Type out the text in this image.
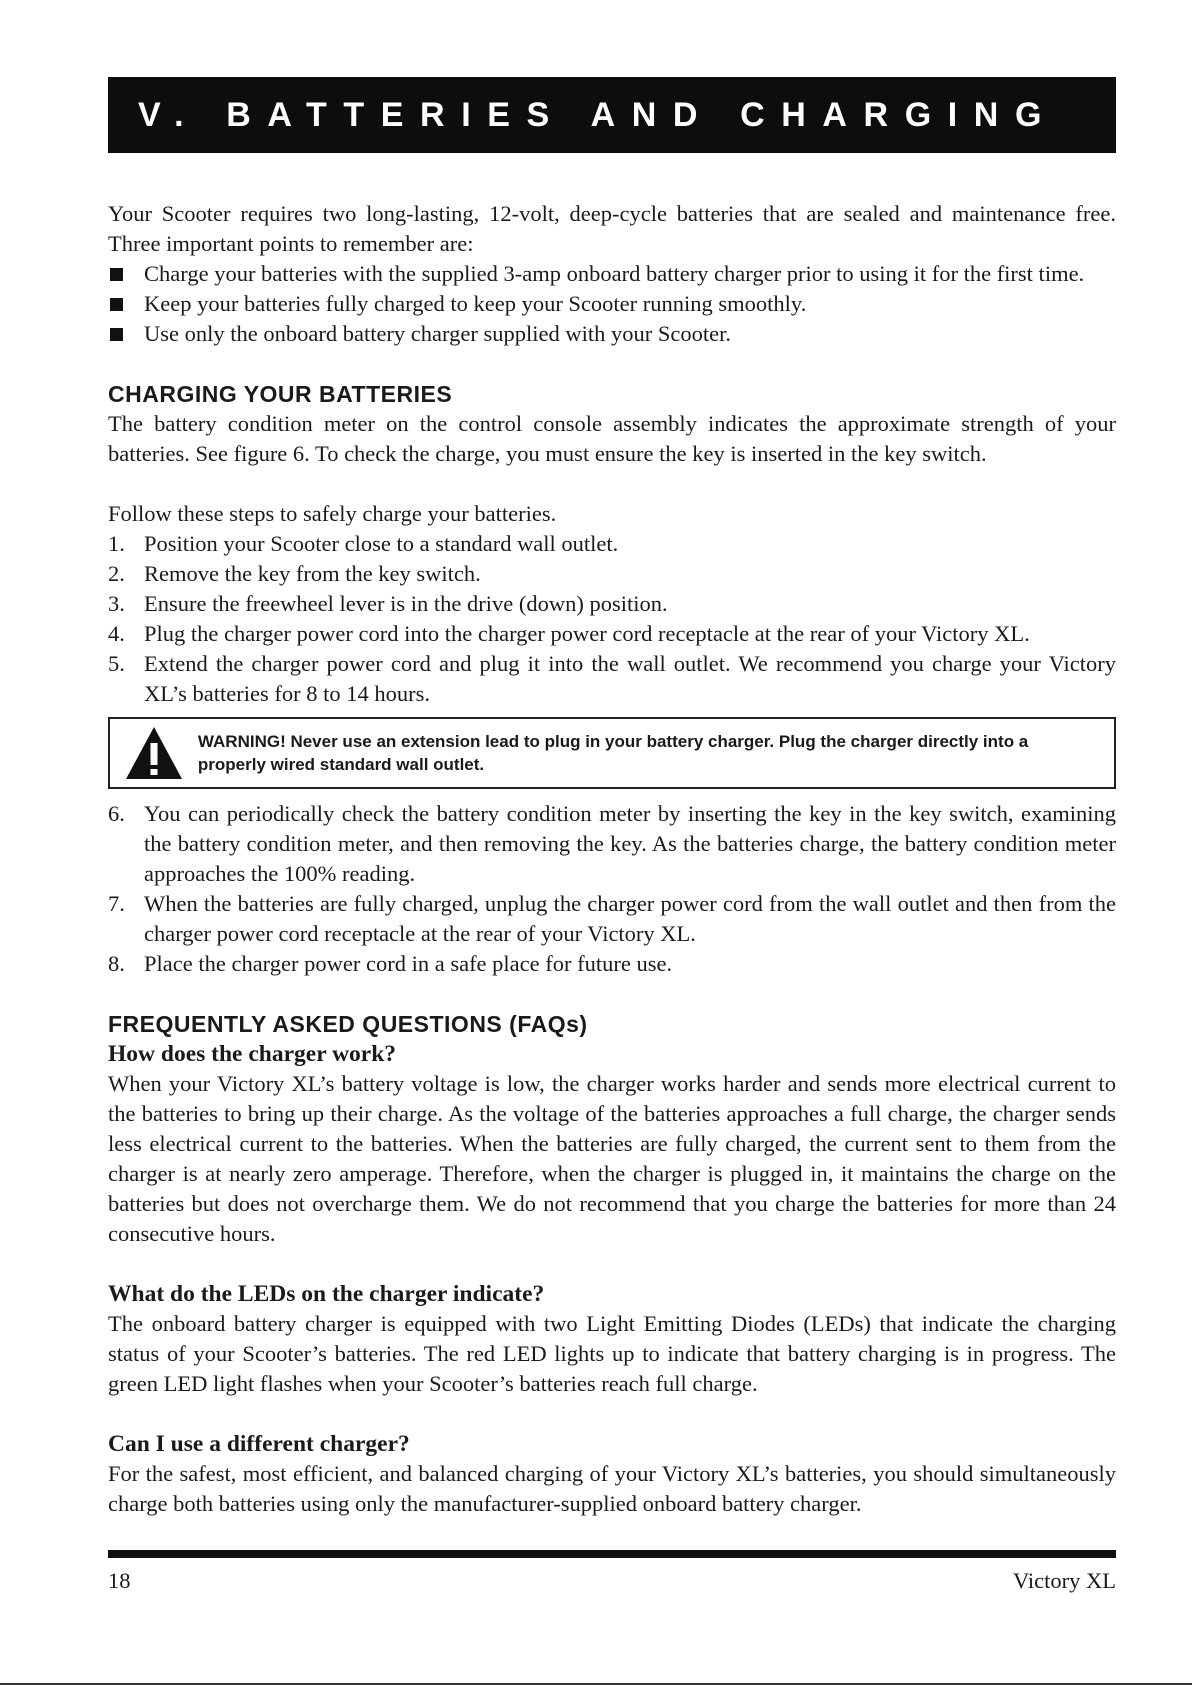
V. BATTERIES AND CHARGING

Your Scooter requires two long-lasting, 12-volt, deep-cycle batteries that are sealed and maintenance free. Three important points to remember are:

Charge your batteries with the supplied 3-amp onboard battery charger prior to using it for the first time.
Keep your batteries fully charged to keep your Scooter running smoothly.
Use only the onboard battery charger supplied with your Scooter.
CHARGING YOUR BATTERIES

The battery condition meter on the control console assembly indicates the approximate strength of your batteries. See figure 6. To check the charge, you must ensure the key is inserted in the key switch.

Follow these steps to safely charge your batteries.

1. Position your Scooter close to a standard wall outlet.
2. Remove the key from the key switch.
3. Ensure the freewheel lever is in the drive (down) position.
4. Plug the charger power cord into the charger power cord receptacle at the rear of your Victory XL.
5. Extend the charger power cord and plug it into the wall outlet. We recommend you charge your Victory XL’s batteries for 8 to 14 hours.
WARNING! Never use an extension lead to plug in your battery charger. Plug the charger directly into a properly wired standard wall outlet.
6. You can periodically check the battery condition meter by inserting the key in the key switch, examining the battery condition meter, and then removing the key. As the batteries charge, the battery condition meter approaches the 100% reading.
7. When the batteries are fully charged, unplug the charger power cord from the wall outlet and then from the charger power cord receptacle at the rear of your Victory XL.
8. Place the charger power cord in a safe place for future use.
FREQUENTLY ASKED QUESTIONS (FAQs)

How does the charger work?

When your Victory XL’s battery voltage is low, the charger works harder and sends more electrical current to the batteries to bring up their charge. As the voltage of the batteries approaches a full charge, the charger sends less electrical current to the batteries. When the batteries are fully charged, the current sent to them from the charger is at nearly zero amperage. Therefore, when the charger is plugged in, it maintains the charge on the batteries but does not overcharge them. We do not recommend that you charge the batteries for more than 24 consecutive hours.

What do the LEDs on the charger indicate?

The onboard battery charger is equipped with two Light Emitting Diodes (LEDs) that indicate the charging status of your Scooter’s batteries. The red LED lights up to indicate that battery charging is in progress. The green LED light flashes when your Scooter’s batteries reach full charge.

Can I use a different charger?

For the safest, most efficient, and balanced charging of your Victory XL’s batteries, you should simultaneously charge both batteries using only the manufacturer-supplied onboard battery charger.

18	Victory XL
